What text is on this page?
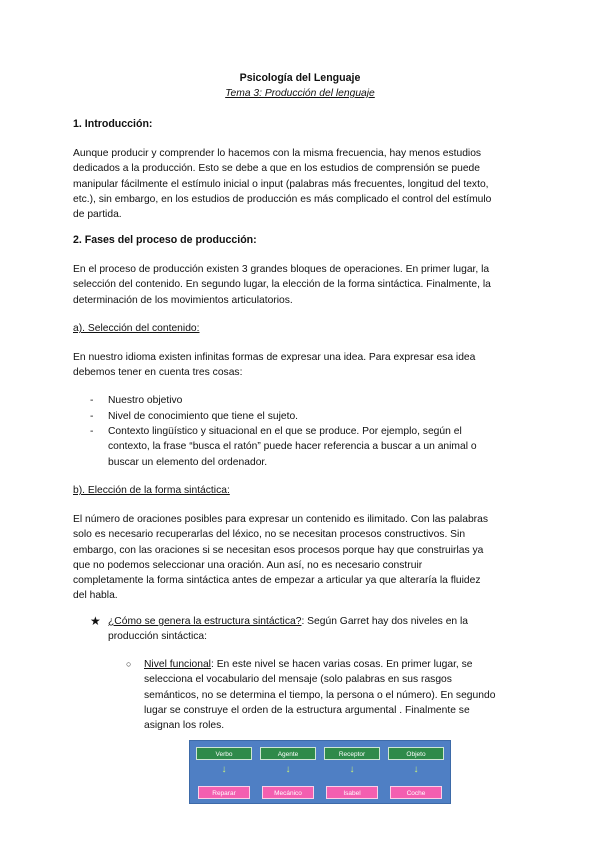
Psicología del Lenguaje
Tema 3: Producción del lenguaje
1. Introducción:
Aunque producir y comprender lo hacemos con la misma frecuencia, hay menos estudios
dedicados a la producción. Esto se debe a que en los estudios de comprensión se puede
manipular fácilmente el estímulo inicial o input (palabras más frecuentes, longitud del texto,
etc.), sin embargo, en los estudios de producción es más complicado el control del estímulo
de partida.
2. Fases del proceso de producción:
En el proceso de producción existen 3 grandes bloques de operaciones. En primer lugar, la
selección del contenido. En segundo lugar, la elección de la forma sintáctica. Finalmente, la
determinación de los movimientos articulatorios.
a). Selección del contenido:
En nuestro idioma existen infinitas formas de expresar una idea. Para expresar esa idea
debemos tener en cuenta tres cosas:
- Nuestro objetivo
- Nivel de conocimiento que tiene el sujeto.
- Contexto lingüístico y situacional en el que se produce. Por ejemplo, según el
contexto, la frase “busca el ratón” puede hacer referencia a buscar a un animal o
buscar un elemento del ordenador.
b). Elección de la forma sintáctica:
El número de oraciones posibles para expresar un contenido es ilimitado. Con las palabras
solo es necesario recuperarlas del léxico, no se necesitan procesos constructivos. Sin
embargo, con las oraciones si se necesitan esos procesos porque hay que construirlas ya
que no podemos seleccionar una oración. Aun así, no es necesario construir
completamente la forma sintáctica antes de empezar a articular ya que alteraría la fluidez
del habla.
★ ¿Cómo se genera la estructura sintáctica?: Según Garret hay dos niveles en la
producción sintáctica:
○ Nivel funcional: En este nivel se hacen varias cosas. En primer lugar, se
selecciona el vocabulario del mensaje (solo palabras en sus rasgos
semánticos, no se determina el tiempo, la persona o el número). En segundo
lugar se construye el orden de la estructura argumental . Finalmente se
asignan los roles.
Verbo	Agente	Receptor	Objeto
↓	↓	↓	↓
Reparar	Mecánico	Isabel	Coche
